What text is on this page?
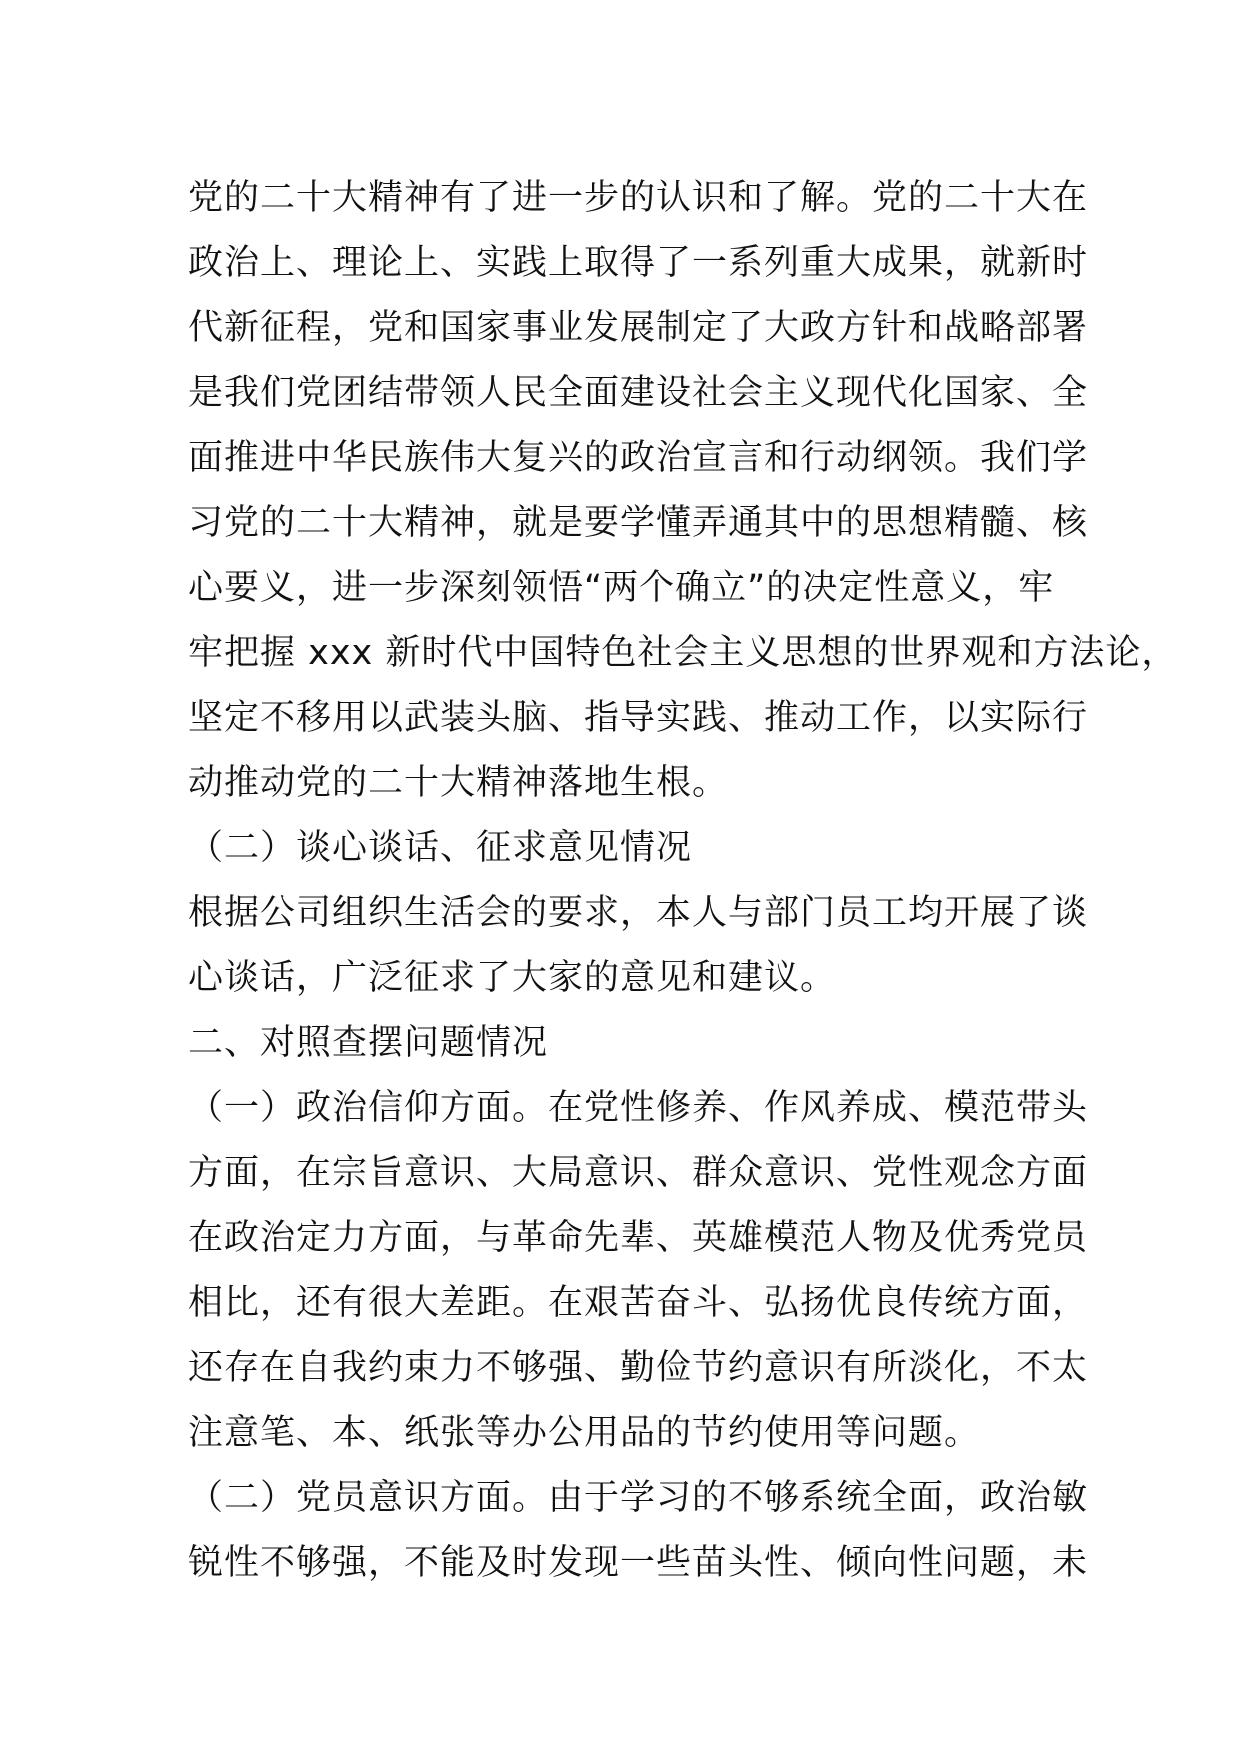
党的二十大精神有了进一步的认识和了解。党的二十大在
政治上、理论上、实践上取得了一系列重大成果，就新时
代新征程，党和国家事业发展制定了大政方针和战略部署
是我们党团结带领人民全面建设社会主义现代化国家、全
面推进中华民族伟大复兴的政治宣言和行动纲领。我们学
习党的二十大精神，就是要学懂弄通其中的思想精髓、核
心要义，进一步深刻领悟“两个确立”的决定性意义，牢
牢把握 xxx 新时代中国特色社会主义思想的世界观和方法论，
坚定不移用以武装头脑、指导实践、推动工作，以实际行
动推动党的二十大精神落地生根。
（二）谈心谈话、征求意见情况
根据公司组织生活会的要求，本人与部门员工均开展了谈
心谈话，广泛征求了大家的意见和建议。
二、对照查摆问题情况
（一）政治信仰方面。在党性修养、作风养成、模范带头
方面，在宗旨意识、大局意识、群众意识、党性观念方面
在政治定力方面，与革命先辈、英雄模范人物及优秀党员
相比，还有很大差距。在艰苦奋斗、弘扬优良传统方面，
还存在自我约束力不够强、勤俭节约意识有所淡化，不太
注意笔、本、纸张等办公用品的节约使用等问题。
（二）党员意识方面。由于学习的不够系统全面，政治敏
锐性不够强，不能及时发现一些苗头性、倾向性问题，未
